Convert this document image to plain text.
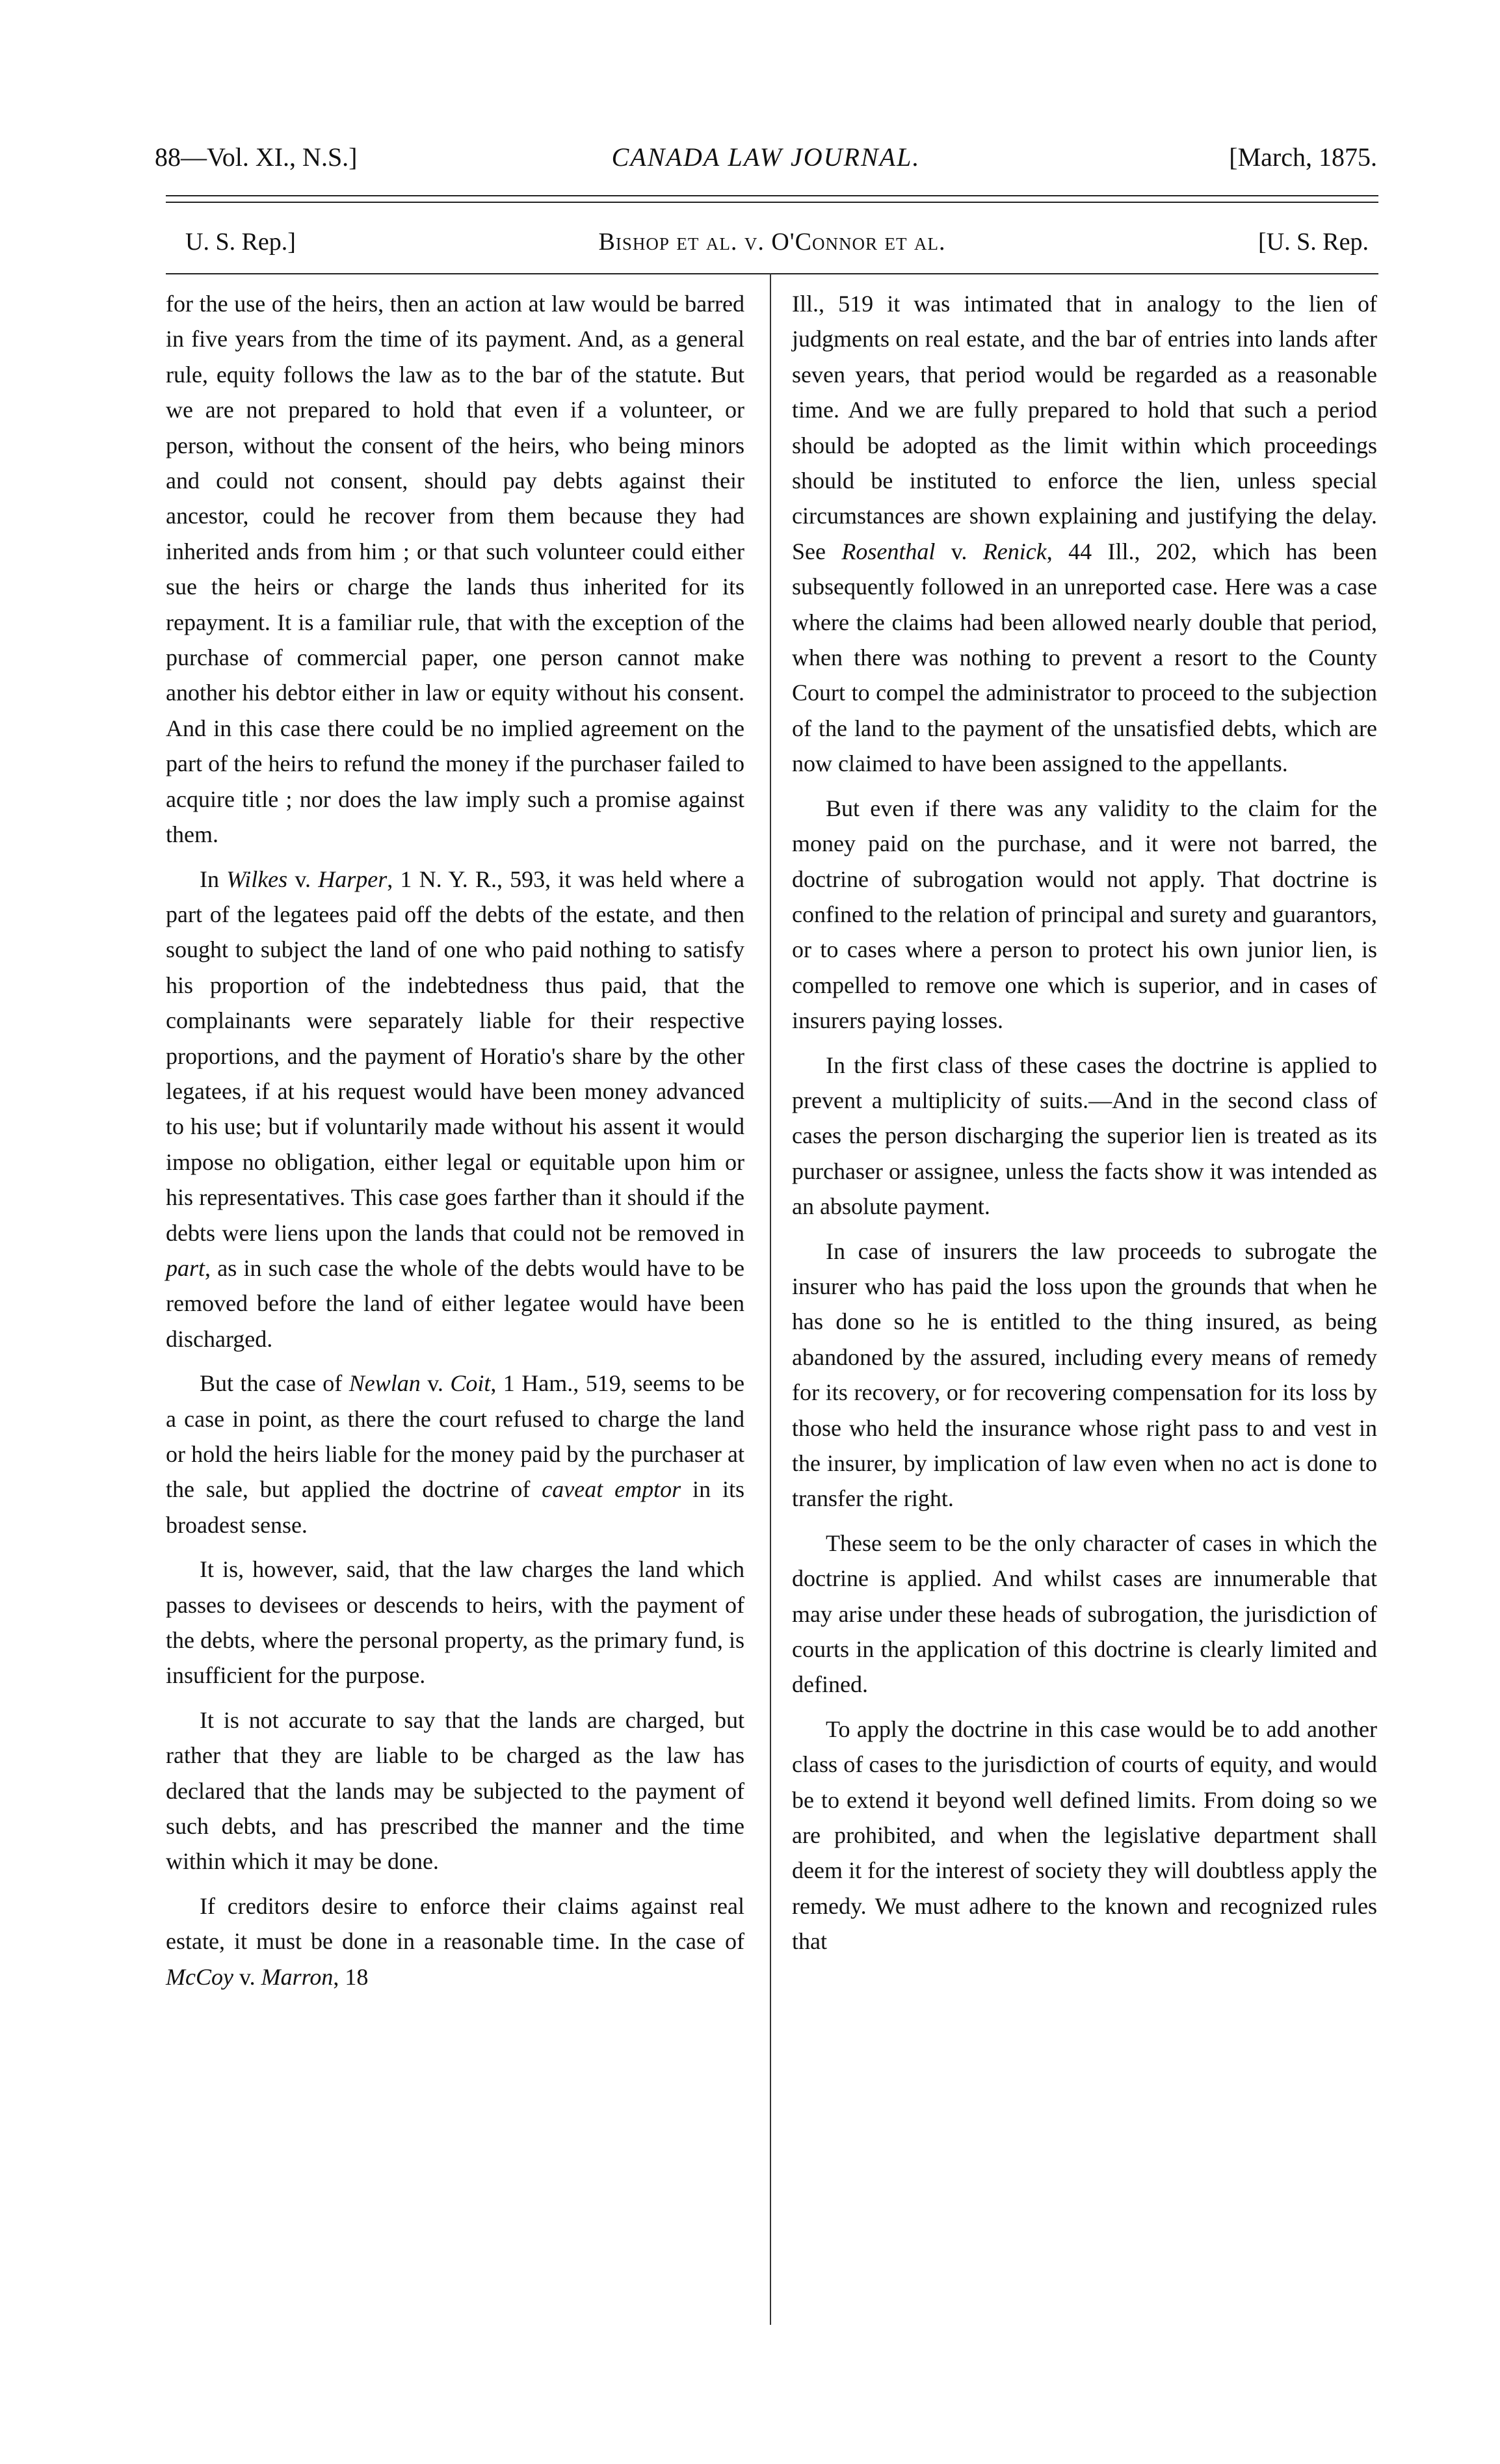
88—Vol. XI., N.S.]	CANADA LAW JOURNAL.	[March, 1875.
U. S. Rep.]	Bishop et al. v. O'Connor et al.	[U. S. Rep.

for the use of the heirs, then an action at law would be barred in five years from the time of its payment. And, as a general rule, equity follows the law as to the bar of the statute. But we are not prepared to hold that even if a volunteer, or person, without the consent of the heirs, who being minors and could not consent, should pay debts against their ancestor, could he recover from them because they had inherited ands from him ; or that such volunteer could either sue the heirs or charge the lands thus inherited for its repayment. It is a familiar rule, that with the exception of the purchase of commercial paper, one person cannot make another his debtor either in law or equity without his consent. And in this case there could be no implied agreement on the part of the heirs to refund the money if the purchaser failed to acquire title ; nor does the law imply such a promise against them.

In Wilkes v. Harper, 1 N. Y. R., 593, it was held where a part of the legatees paid off the debts of the estate, and then sought to subject the land of one who paid nothing to satisfy his proportion of the indebtedness thus paid, that the complainants were separately liable for their respective proportions, and the payment of Horatio's share by the other legatees, if at his request would have been money advanced to his use; but if voluntarily made without his assent it would impose no obligation, either legal or equitable upon him or his representatives. This case goes farther than it should if the debts were liens upon the lands that could not be removed in part, as in such case the whole of the debts would have to be removed before the land of either legatee would have been discharged.

But the case of Newlan v. Coit, 1 Ham., 519, seems to be a case in point, as there the court refused to charge the land or hold the heirs liable for the money paid by the purchaser at the sale, but applied the doctrine of caveat emptor in its broadest sense.

It is, however, said, that the law charges the land which passes to devisees or descends to heirs, with the payment of the debts, where the personal property, as the primary fund, is insufficient for the purpose.

It is not accurate to say that the lands are charged, but rather that they are liable to be charged as the law has declared that the lands may be subjected to the payment of such debts, and has prescribed the manner and the time within which it may be done.

If creditors desire to enforce their claims against real estate, it must be done in a reasonable time. In the case of McCoy v. Marron, 18

Ill., 519 it was intimated that in analogy to the lien of judgments on real estate, and the bar of entries into lands after seven years, that period would be regarded as a reasonable time. And we are fully prepared to hold that such a period should be adopted as the limit within which proceedings should be instituted to enforce the lien, unless special circumstances are shown explaining and justifying the delay. See Rosenthal v. Renick, 44 Ill., 202, which has been subsequently followed in an unreported case. Here was a case where the claims had been allowed nearly double that period, when there was nothing to prevent a resort to the County Court to compel the administrator to proceed to the subjection of the land to the payment of the unsatisfied debts, which are now claimed to have been assigned to the appellants.

But even if there was any validity to the claim for the money paid on the purchase, and it were not barred, the doctrine of subrogation would not apply. That doctrine is confined to the relation of principal and surety and guarantors, or to cases where a person to protect his own junior lien, is compelled to remove one which is superior, and in cases of insurers paying losses.

In the first class of these cases the doctrine is applied to prevent a multiplicity of suits.—And in the second class of cases the person discharging the superior lien is treated as its purchaser or assignee, unless the facts show it was intended as an absolute payment.

In case of insurers the law proceeds to subrogate the insurer who has paid the loss upon the grounds that when he has done so he is entitled to the thing insured, as being abandoned by the assured, including every means of remedy for its recovery, or for recovering compensation for its loss by those who held the insurance whose right pass to and vest in the insurer, by implication of law even when no act is done to transfer the right.

These seem to be the only character of cases in which the doctrine is applied. And whilst cases are innumerable that may arise under these heads of subrogation, the jurisdiction of courts in the application of this doctrine is clearly limited and defined.

To apply the doctrine in this case would be to add another class of cases to the jurisdiction of courts of equity, and would be to extend it beyond well defined limits. From doing so we are prohibited, and when the legislative department shall deem it for the interest of society they will doubtless apply the remedy. We must adhere to the known and recognized rules that
